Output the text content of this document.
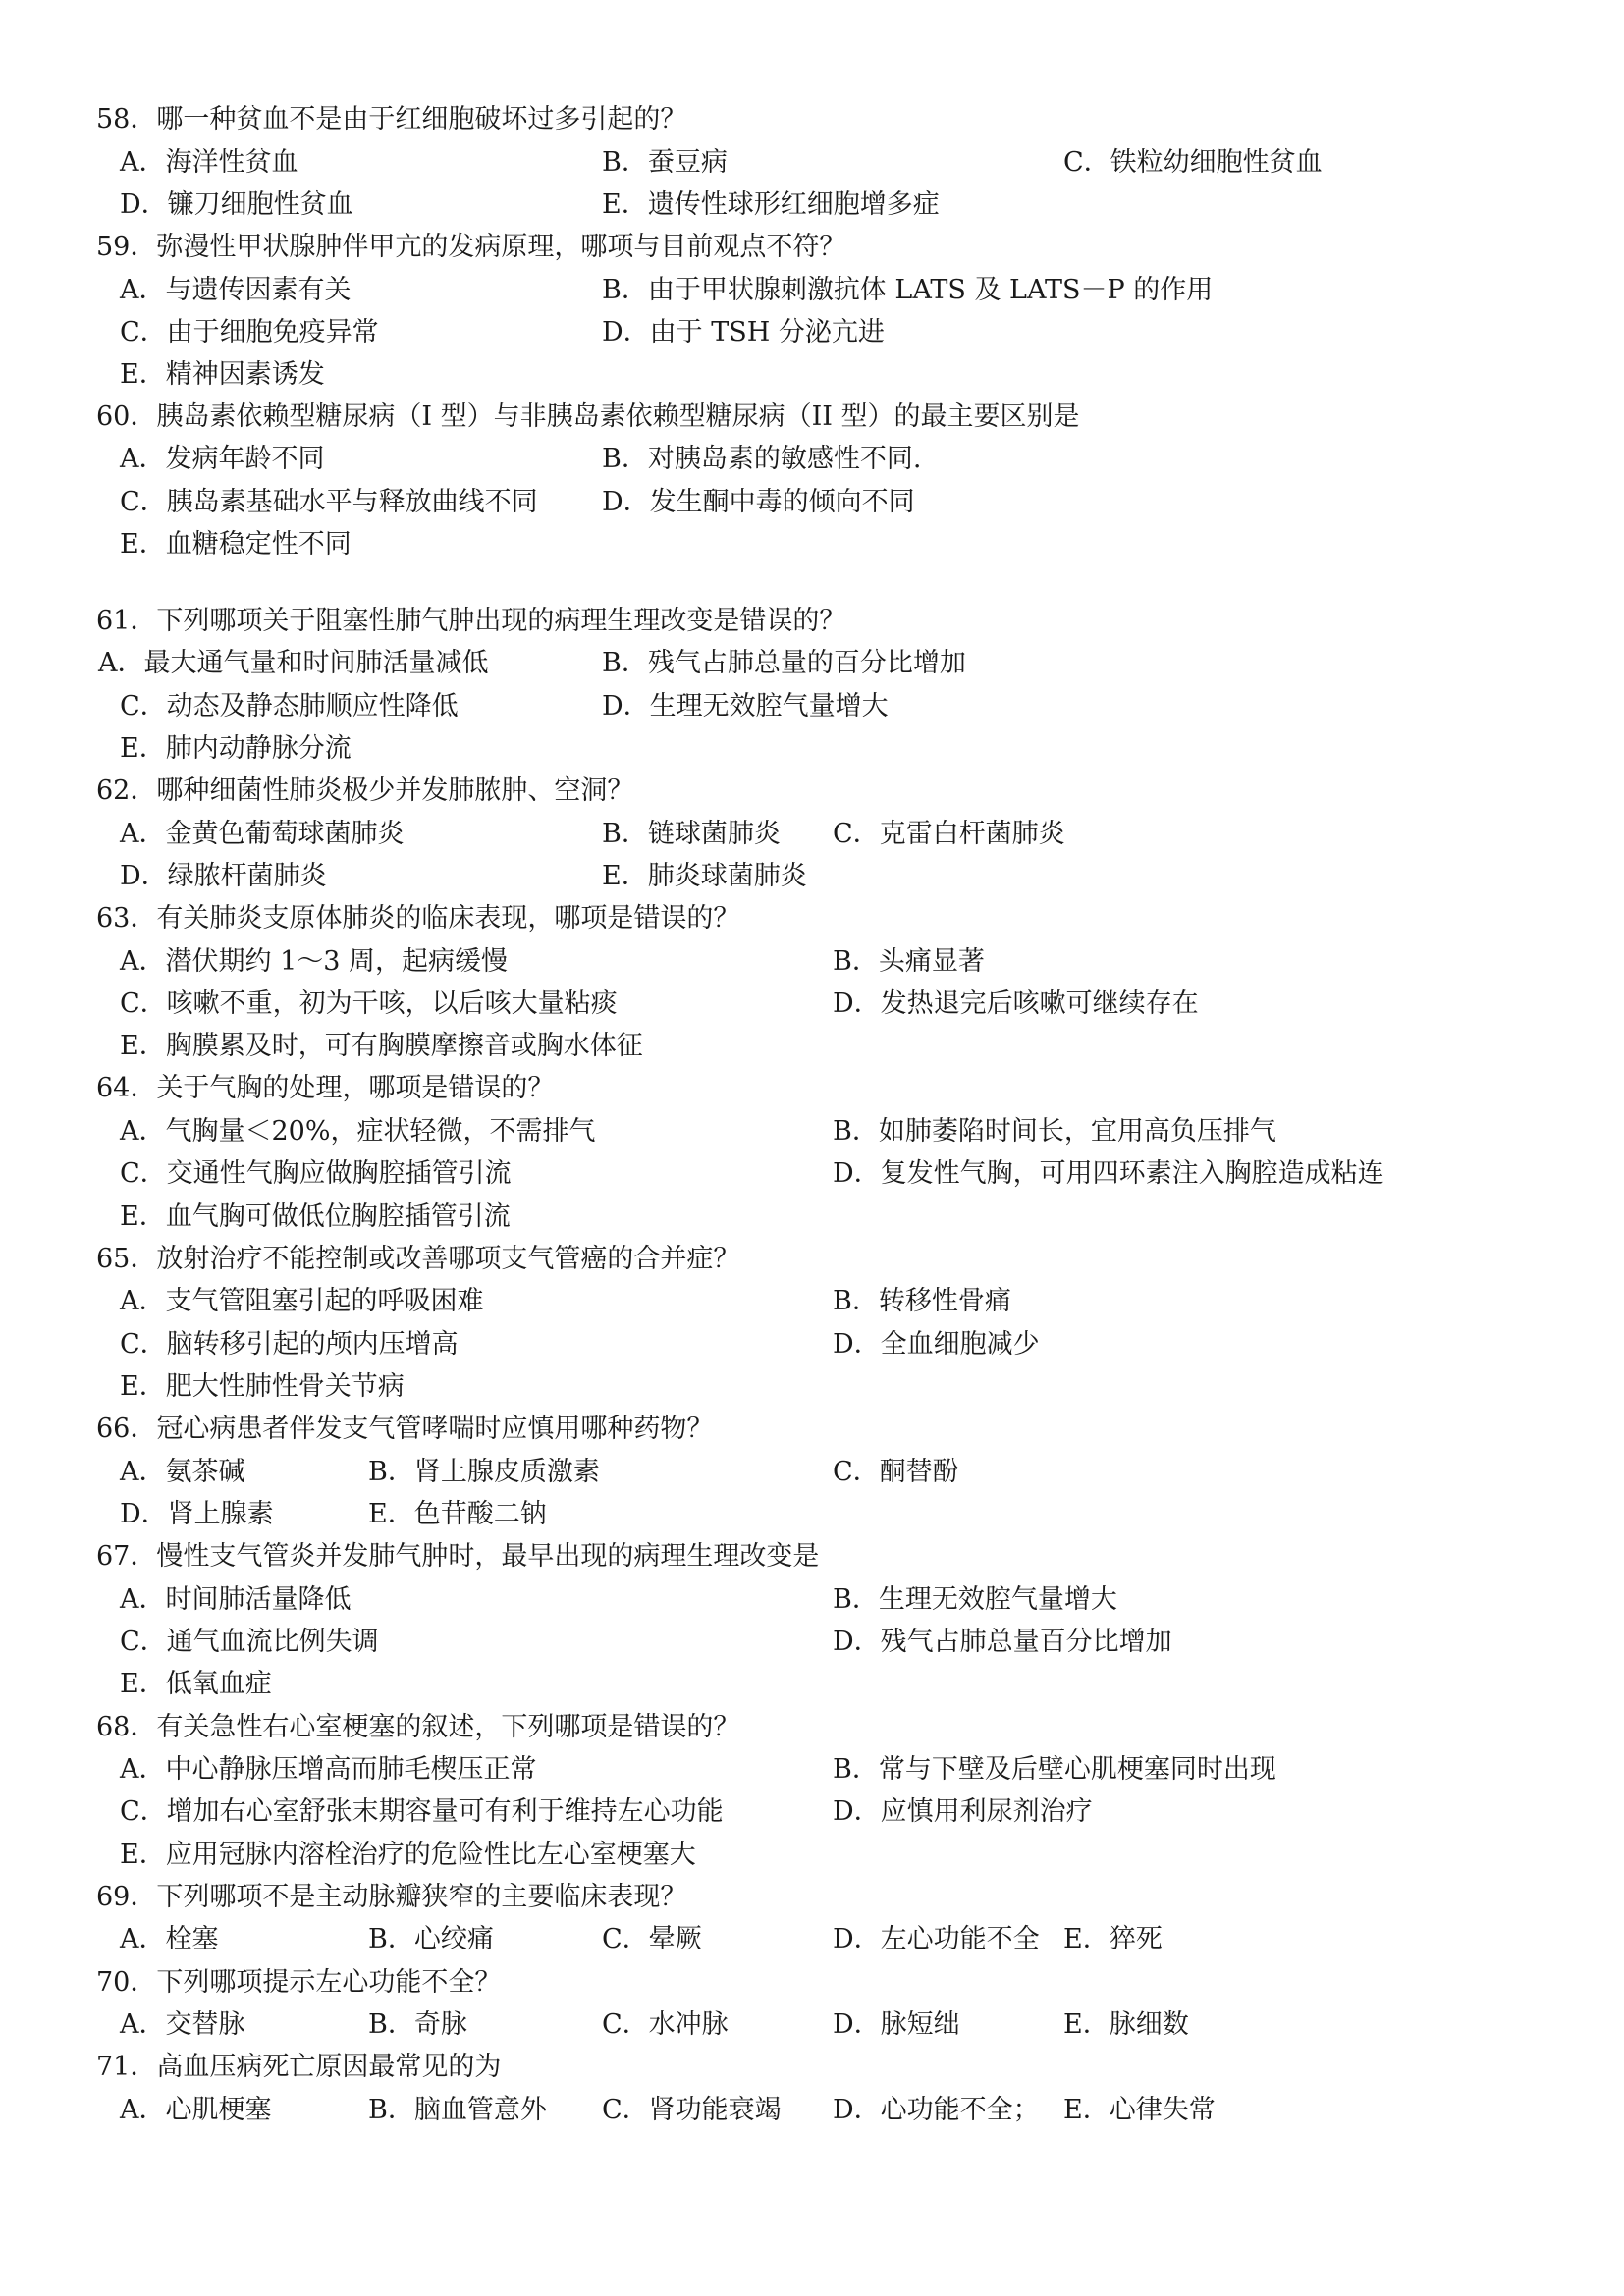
58．哪一种贫血不是由于红细胞破坏过多引起的？
A．海洋性贫血	B．蚕豆病	C．铁粒幼细胞性贫血
D．镰刀细胞性贫血	E．遗传性球形红细胞增多症
59．弥漫性甲状腺肿伴甲亢的发病原理，哪项与目前观点不符？
A．与遗传因素有关	B．由于甲状腺刺激抗体 LATS 及 LATS－P 的作用
C．由于细胞免疫异常	D．由于 TSH 分泌亢进
E．精神因素诱发
60．胰岛素依赖型糖尿病（I 型）与非胰岛素依赖型糖尿病（II 型）的最主要区别是
A．发病年龄不同	B．对胰岛素的敏感性不同.
C．胰岛素基础水平与释放曲线不同 D．发生酮中毒的倾向不同
E．血糖稳定性不同
61．下列哪项关于阻塞性肺气肿出现的病理生理改变是错误的？
A．最大通气量和时间肺活量减低	B．残气占肺总量的百分比增加
C．动态及静态肺顺应性降低	D．生理无效腔气量增大
E．肺内动静脉分流
62．哪种细菌性肺炎极少并发肺脓肿、空洞？
A．金黄色葡萄球菌肺炎	B．链球菌肺炎 C．克雷白杆菌肺炎
D．绿脓杆菌肺炎	E．肺炎球菌肺炎
63．有关肺炎支原体肺炎的临床表现，哪项是错误的？
A．潜伏期约 1～3 周，起病缓慢	B．头痛显著
C．咳嗽不重，初为干咳，以后咳大量粘痰	D．发热退完后咳嗽可继续存在
E．胸膜累及时，可有胸膜摩擦音或胸水体征
64．关于气胸的处理，哪项是错误的？
A．气胸量＜20%，症状轻微，不需排气	B．如肺萎陷时间长，宜用高负压排气
C．交通性气胸应做胸腔插管引流	D．复发性气胸，可用四环素注入胸腔造成粘连
E．血气胸可做低位胸腔插管引流
65．放射治疗不能控制或改善哪项支气管癌的合并症？
A．支气管阻塞引起的呼吸困难	B．转移性骨痛
C．脑转移引起的颅内压增高	D．全血细胞减少
E．肥大性肺性骨关节病
66．冠心病患者伴发支气管哮喘时应慎用哪种药物？
A．氨茶碱	B．肾上腺皮质激素	C．酮替酚
D．肾上腺素	E．色苷酸二钠
67．慢性支气管炎并发肺气肿时，最早出现的病理生理改变是
A．时间肺活量降低	B．生理无效腔气量增大
C．通气血流比例失调	D．残气占肺总量百分比增加
E．低氧血症
68．有关急性右心室梗塞的叙述，下列哪项是错误的？
A．中心静脉压增高而肺毛楔压正常	B．常与下壁及后壁心肌梗塞同时出现
C．增加右心室舒张末期容量可有利于维持左心功能	D．应慎用利尿剂治疗
E．应用冠脉内溶栓治疗的危险性比左心室梗塞大
69．下列哪项不是主动脉瓣狭窄的主要临床表现？
A．栓塞	B．心绞痛	C．晕厥	D．左心功能不全 E．猝死
70．下列哪项提示左心功能不全？
A．交替脉	B．奇脉	C．水冲脉	D．脉短绌	E．脉细数
71．高血压病死亡原因最常见的为
A．心肌梗塞	B．脑血管意外 C．肾功能衰竭 D．心功能不全； E．心律失常
